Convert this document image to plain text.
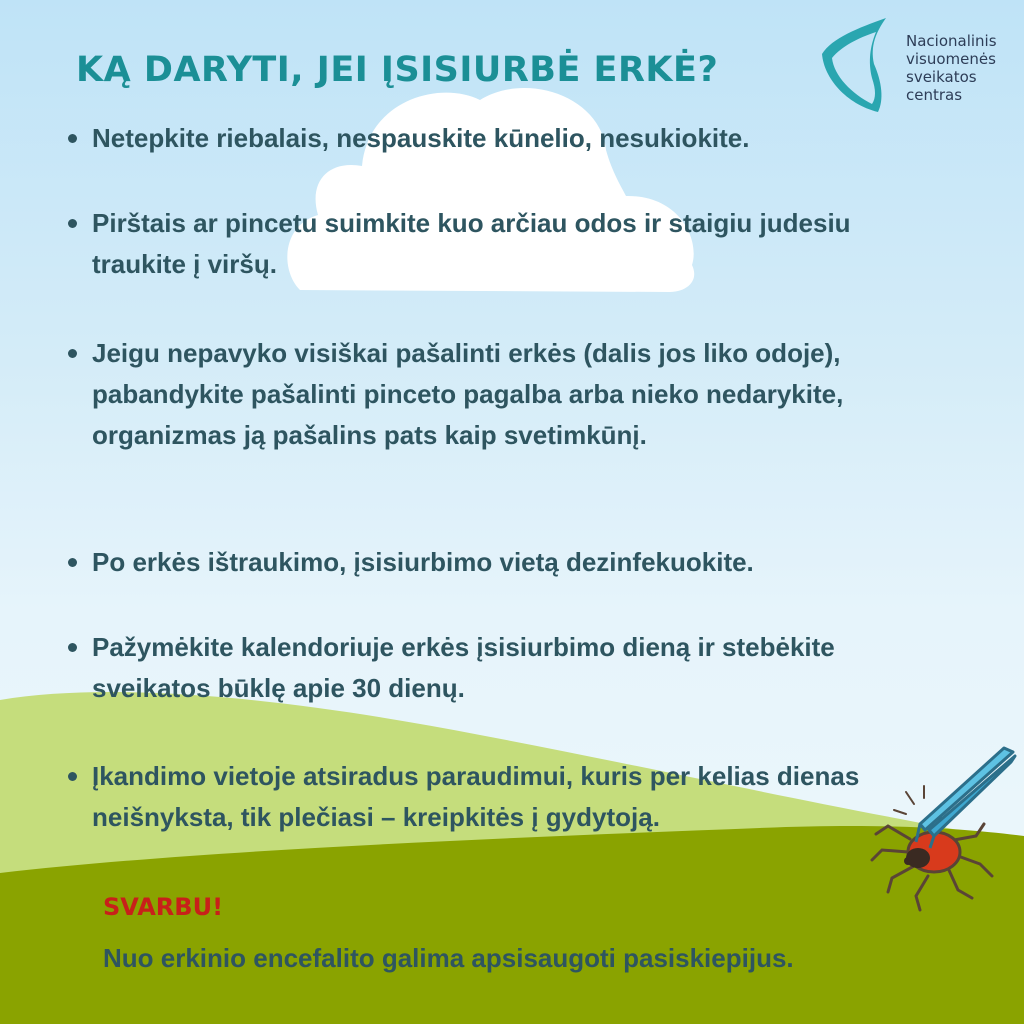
KĄ DARYTI, JEI ĮSISIURBĖ ERKĖ?
Nacionalinis
visuomenės
sveikatos
centras
Netepkite riebalais, nespauskite kūnelio, nesukiokite.
Pirštais ar pincetu suimkite kuo arčiau odos ir staigiu judesiu traukite į viršų.
Jeigu nepavyko visiškai pašalinti erkės (dalis jos liko odoje), pabandykite pašalinti pinceto pagalba arba nieko nedarykite, organizmas ją pašalins pats kaip svetimkūnį.
Po erkės ištraukimo, įsisiurbimo vietą dezinfekuokite.
Pažymėkite kalendoriuje erkės įsisiurbimo dieną ir stebėkite sveikatos būklę apie 30 dienų.
Įkandimo vietoje atsiradus paraudimui, kuris per kelias dienas neišnyksta, tik plečiasi – kreipkitės į gydytoją.
SVARBU!
Nuo erkinio encefalito galima apsisaugoti pasiskiepijus.
